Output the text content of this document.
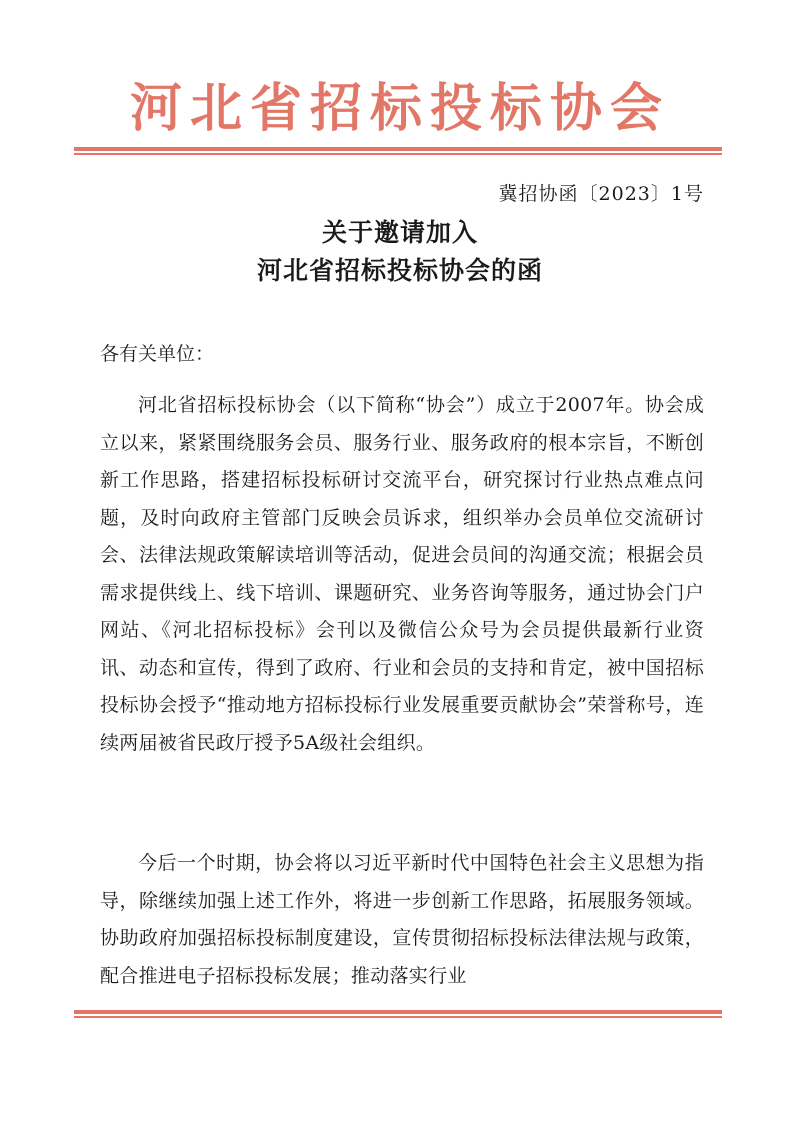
河北省招标投标协会
冀招协函〔2023〕1号
关于邀请加入
河北省招标投标协会的函
各有关单位：

河北省招标投标协会（以下简称“协会”）成立于2007年。协会成立以来，紧紧围绕服务会员、服务行业、服务政府的根本宗旨，不断创新工作思路，搭建招标投标研讨交流平台，研究探讨行业热点难点问题，及时向政府主管部门反映会员诉求，组织举办会员单位交流研讨会、法律法规政策解读培训等活动，促进会员间的沟通交流；根据会员需求提供线上、线下培训、课题研究、业务咨询等服务，通过协会门户网站、《河北招标投标》会刊以及微信公众号为会员提供最新行业资讯、动态和宣传，得到了政府、行业和会员的支持和肯定，被中国招标投标协会授予“推动地方招标投标行业发展重要贡献协会”荣誉称号，连续两届被省民政厅授予5A级社会组织。

今后一个时期，协会将以习近平新时代中国特色社会主义思想为指导，除继续加强上述工作外，将进一步创新工作思路，拓展服务领域。协助政府加强招标投标制度建设，宣传贯彻招标投标法律法规与政策，配合推进电子招标投标发展；推动落实行业
